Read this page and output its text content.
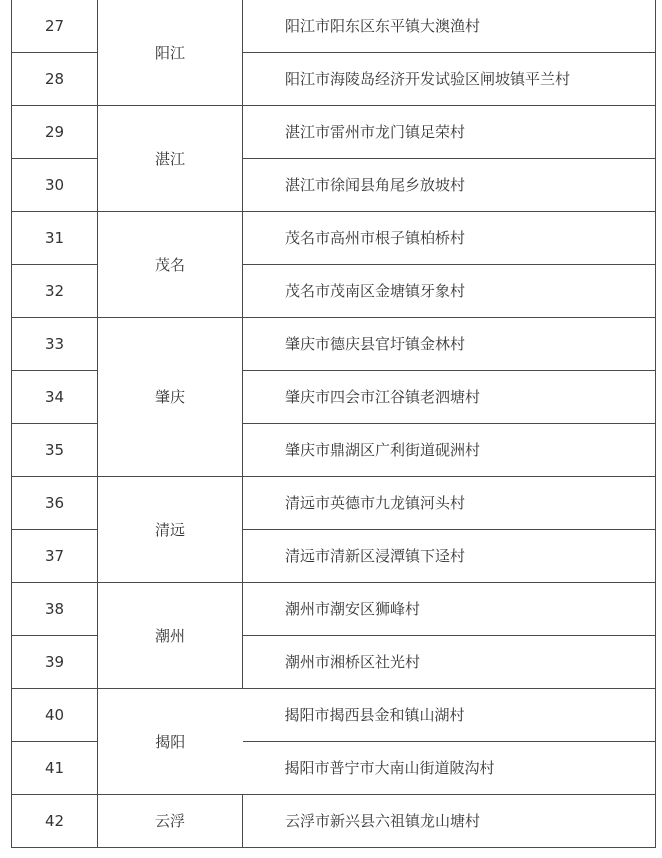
27	阳江	阳江市阳东区东平镇大澳渔村
28		阳江市海陵岛经济开发试验区闸坡镇平兰村
29	湛江	湛江市雷州市龙门镇足荣村
30		湛江市徐闻县角尾乡放坡村
31	茂名	茂名市高州市根子镇柏桥村
32		茂名市茂南区金塘镇牙象村
33	肇庆	肇庆市德庆县官圩镇金林村
34		肇庆市四会市江谷镇老泗塘村
35		肇庆市鼎湖区广利街道砚洲村
36	清远	清远市英德市九龙镇河头村
37		清远市清新区浸潭镇下迳村
38	潮州	潮州市潮安区狮峰村
39		潮州市湘桥区社光村
40	揭阳	揭阳市揭西县金和镇山湖村
41		揭阳市普宁市大南山街道陂沟村
42	云浮	云浮市新兴县六祖镇龙山塘村
